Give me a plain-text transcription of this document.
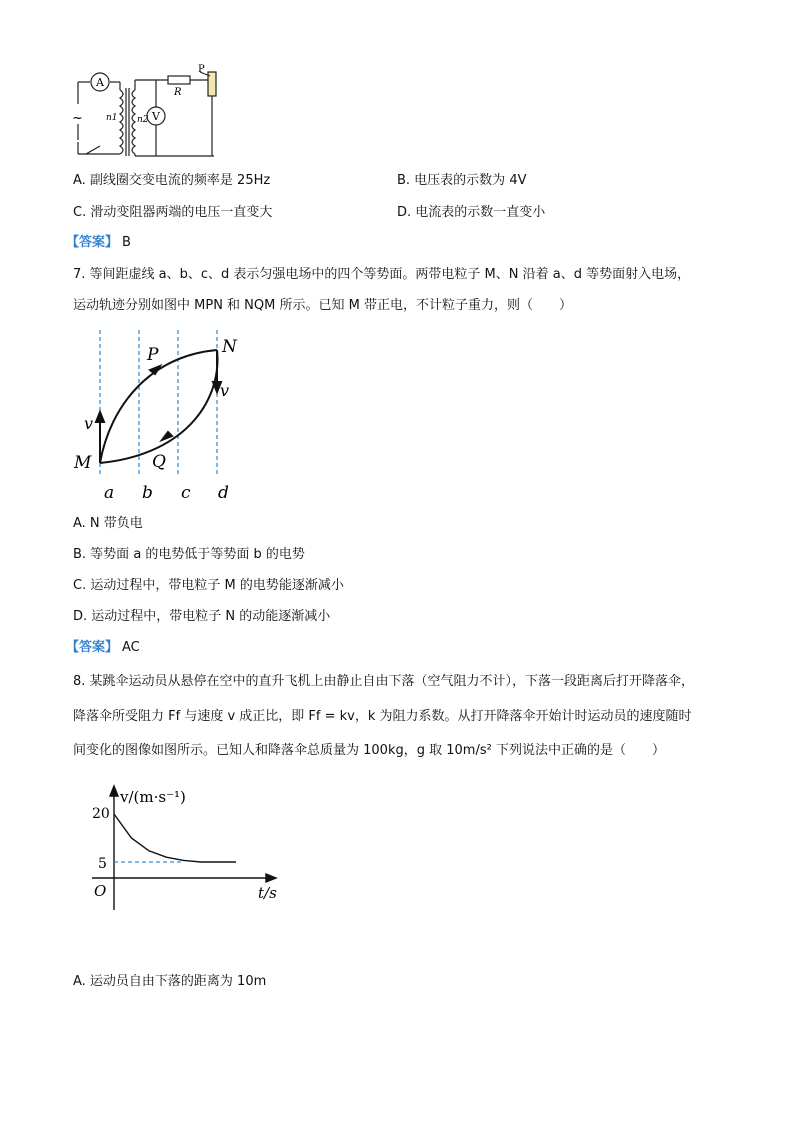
A
V
P
R
n1 n2
~
A. 副线圈交变电流的频率是 25Hz	B. 电压表的示数为 4V
C. 滑动变阻器两端的电压一直变大	D. 电流表的示数一直变小
【答案】 B
7. 等间距虚线 a、b、c、d 表示匀强电场中的四个等势面。两带电粒子 M、N 沿着 a、d 等势面射入电场，
运动轨迹分别如图中 MPN 和 NQM 所示。已知 M 带正电，不计粒子重力，则（　　）
M
N
P
Q
v
v
a b c d
A. N 带负电
B. 等势面 a 的电势低于等势面 b 的电势
C. 运动过程中，带电粒子 M 的电势能逐渐减小
D. 运动过程中，带电粒子 N 的动能逐渐减小
【答案】 AC
8. 某跳伞运动员从悬停在空中的直升飞机上由静止自由下落（空气阻力不计），下落一段距离后打开降落伞，
降落伞所受阻力 Ff 与速度 v 成正比，即 Ff = kv，k 为阻力系数。从打开降落伞开始计时运动员的速度随时
间变化的图像如图所示。已知人和降落伞总质量为 100kg，g 取 10m/s² 下列说法中正确的是（　　）
v/(m·s⁻¹)
t/s
O
20
5
A. 运动员自由下落的距离为 10m
